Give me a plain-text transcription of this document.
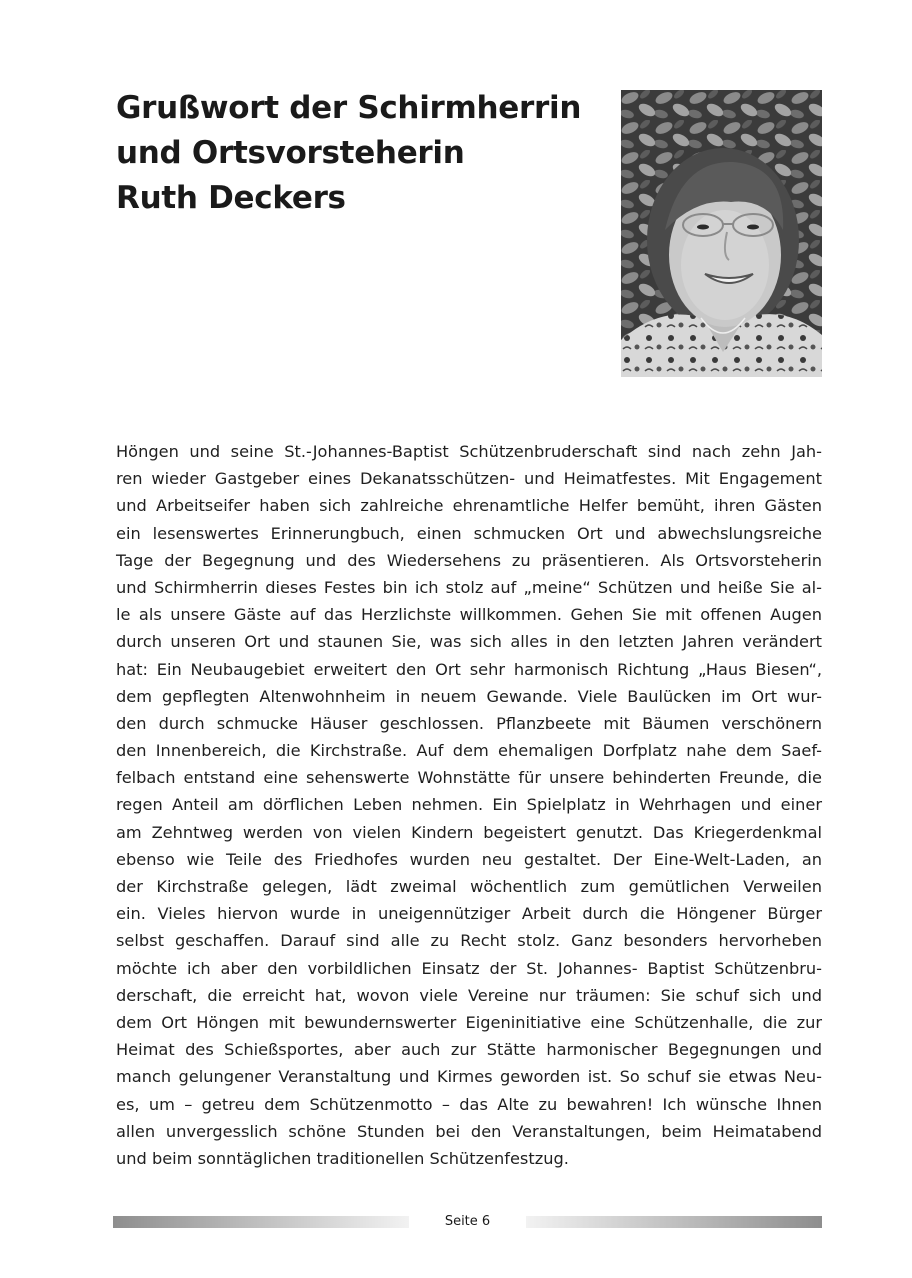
Grußwort der Schirmherrin
und Ortsvorsteherin
Ruth Deckers
Höngen und seine St.-Johannes-Baptist Schützenbruderschaft sind nach zehn Jah-
ren wieder Gastgeber eines Dekanatsschützen- und Heimatfestes. Mit Engagement
und Arbeitseifer haben sich zahlreiche ehrenamtliche Helfer bemüht, ihren Gästen
ein lesenswertes Erinnerungbuch, einen schmucken Ort und abwechslungsreiche
Tage der Begegnung und des Wiedersehens zu präsentieren. Als Ortsvorsteherin
und Schirmherrin dieses Festes bin ich stolz auf „meine“ Schützen und heiße Sie al-
le als unsere Gäste auf das Herzlichste willkommen. Gehen Sie mit offenen Augen
durch unseren Ort und staunen Sie, was sich alles in den letzten Jahren verändert
hat: Ein Neubaugebiet erweitert den Ort sehr harmonisch Richtung „Haus Biesen“,
dem gepflegten Altenwohnheim in neuem Gewande. Viele Baulücken im Ort wur-
den durch schmucke Häuser geschlossen. Pflanzbeete mit Bäumen verschönern
den Innenbereich, die Kirchstraße. Auf dem ehemaligen Dorfplatz nahe dem Saef-
felbach entstand eine sehenswerte Wohnstätte für unsere behinderten Freunde, die
regen Anteil am dörflichen Leben nehmen. Ein Spielplatz in Wehrhagen und einer
am Zehntweg werden von vielen Kindern begeistert genutzt. Das Kriegerdenkmal
ebenso wie Teile des Friedhofes wurden neu gestaltet. Der Eine-Welt-Laden, an
der Kirchstraße gelegen, lädt zweimal wöchentlich zum gemütlichen Verweilen
ein. Vieles hiervon wurde in uneigennütziger Arbeit durch die Höngener Bürger
selbst geschaffen. Darauf sind alle zu Recht stolz. Ganz besonders hervorheben
möchte ich aber den vorbildlichen Einsatz der St. Johannes- Baptist Schützenbru-
derschaft, die erreicht hat, wovon viele Vereine nur träumen: Sie schuf sich und
dem Ort Höngen mit bewundernswerter Eigeninitiative eine Schützenhalle, die zur
Heimat des Schießsportes, aber auch zur Stätte harmonischer Begegnungen und
manch gelungener Veranstaltung und Kirmes geworden ist. So schuf sie etwas Neu-
es, um – getreu dem Schützenmotto – das Alte zu bewahren! Ich wünsche Ihnen
allen unvergesslich schöne Stunden bei den Veranstaltungen, beim Heimatabend
und beim sonntäglichen traditionellen Schützenfestzug.
Seite 6
